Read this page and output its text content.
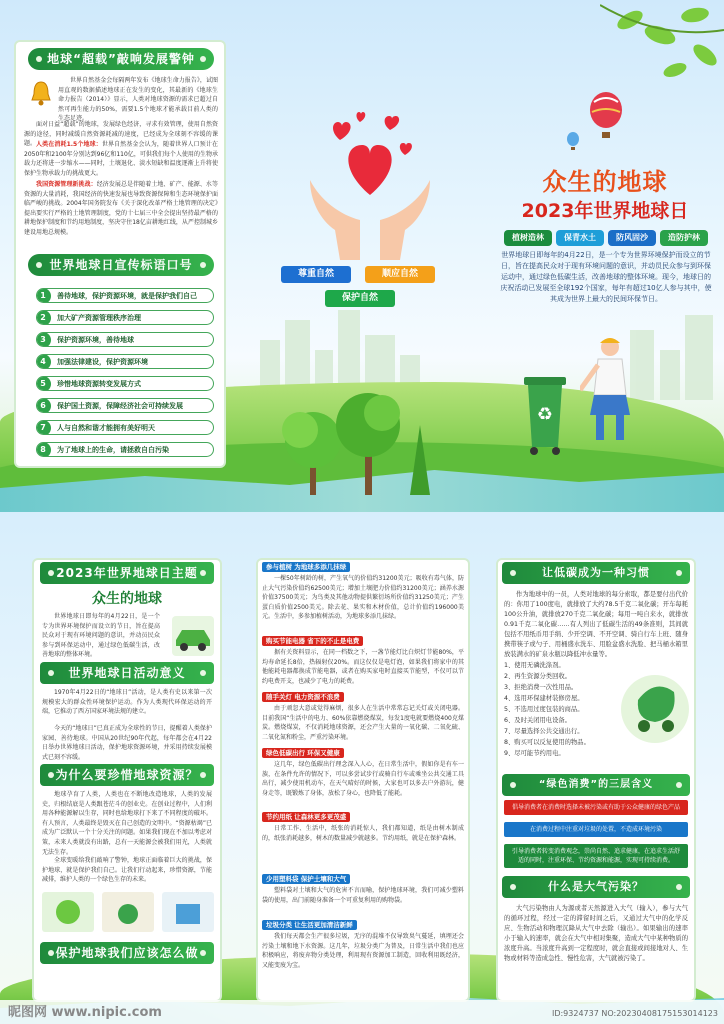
地球“超载”敲响发展警钟
世界自然基金会每隔两年发布《地球生命力报告》，试图用直观的数据描述地球正在发生的变化，其最新的《地球生命力报告（2014）》显示，人类对地球资源的需求已超过自然可再生能力的50%，需要1.5个地球才能承载目前人类的生态足迹。
面对日益“超载”的地球，发展绿色经济，寻求有效管理，使用自然资源的途径，同时减缓自然资源耗减的速度，已经成为全球刻不容缓的课题。 人类在消耗1.5个地球：世界自然基金会认为，随着世界人口预计在2050年和2100年分别达到96亿和110亿，可供我们每个人使用的生物承载力还将进一步缩水——同时，土壤退化、淡水短缺和温度逐渐上升将使保护生物承载力的挑战更大。
我国资源管理新挑战：经济发展总是伴随着土地、矿产、能源、水等资源的大量消耗，我国经济的快速发展也导致资源保障和生态环境保护面临严峻的挑战。2004年国务院发布《关于深化改革严格土地管理的决定》提出要实行严格的土地管理制度，党的十七届三中全会提出坚持最严格的耕地保护制度和节约用地制度，坚决守住18亿亩耕地红线，从严控制城乡建设用地总规模。
世界地球日宣传标语口号
1	善待地球，保护资源环境，就是保护我们自己
2	加大矿产资源管理秩序治理
3	保护资源环境，善待地球
4	加强法律建设，保护资源环境
5	珍惜地球资源转变发展方式
6	保护国土资源，保障经济社会可持续发展
7	人与自然和谐才能拥有美好明天
8	为了地球上的生命，请拯救自白污染
尊重自然	顺应自然
保护自然
众生的地球
2023年世界地球日
植树造林	保青水土	防风固沙	造防护林
世界地球日即每年的4月22日，是一个专为世界环境保护而设立的节日，旨在提高民众对于现有环境问题的意识，并动员民众参与到环保运动中，通过绿色低碳生活，改善地球的整体环境。现今，地球日的庆祝活动已发展至全球192个国家，每年有超过10亿人参与其中，使其成为世界上最大的民间环保节日。
♻
2023年世界地球日主题
众生的地球
世界地球日即每年的4月22日，是一个专为世界环境保护而设立的节日，旨在提高民众对于现有环境问题的意识，并动员民众参与到环保运动中，通过绿色低碳生活，改善地球的整体环境。
世界地球日活动意义
1970年4月22日的“地球日”活动，是人类有史以来第一次规模宏大的群众性环境保护运动。作为人类现代环保运动的开端，它推动了西方国家环境法规的建立。
今天的“地球日”已真正成为全球性的节日，提醒着人类保护家园、善待地球。中国从20世纪90年代起，每年都会在4月22日举办世界地球日活动，保护地球资源环境，并采用持续发展模式已刻不容缓。
为什么要珍惜地球资源？
地球孕育了人类，人类也在不断地改造地球，人类的发展史，归根结底是人类跟苍茫斗的创业史。在创业过程中，人们利用各种能源解以生存，同时也给地球打下来了不同程度的破坏。有人预言，人类最终是毁灭在自己创造的文明中。“资源枯竭”已成为广泛默认一个十分关注的问题。如果我们现在不加以考虑对策，未来人类就没有出路，总有一天能源会被我们用光，人类就无法生存。
全球变暖给我们敲响了警钟，地球正面临着巨大的挑战，保护地球，就是保护我们自己。让我们行动起来，珍惜资源，节能减排，维护人类的一个绿色生存的未来。
保护地球我们应该怎么做
参与植树 为地球多添几抹绿
一棵50年树龄的树，产生氧气的价值约31200美元；吸收有毒气体，防止大气污染价值约62500美元；增加土壤肥力价值约31200美元；涵养水源价值37500美元；为鸟类及其他动物提供繁衍场所价值约31250美元；产生蛋白质价值2500美元。除去花、果实和木材价值，总计价值约196000美元。生活中，多参加植树活动，为地球多添几抹绿。
购买节能电器 省下的不止是电费
据有关资料显示，在同一档数之下，一盏节能灯比白炽灯节能80%，平均寿命延长8倍，热辐射仅20%。而这仅仅是电灯泡，如果我们将家中的其他能耗电器都换成节能电器，或者在购买家电时直接买节能型，不仅可以节约电费开支，也减少了电力的耗费。
随手关灯 电力资源不浪费
由于顽忽大意或觉得麻烦，很多人在生活中常常忘记关灯或关闭电器。目前我国“生活中的电力、60%依靠燃烧煤炭，每发1度电就要燃烧400克煤炭。燃烧煤炭，不仅消耗地球资源，还会产生大量的一氧化碳、二氧化硫、二氧化氮和粉尘，严重污染环境。
绿色低碳出行 环保又健康
这几年，绿色低碳出行理念深入人心，在日常生活中，假如你是有车一族，在条件允许的情况下，可以多尝试步行或骑自行车或乘坐公共交通工具出行，减少使用机动车，在天气晴好的时候，大家也可以多去户外游玩，健身走等，既锻炼了身体，放松了身心，也降低了能耗。
节约用纸 让森林更多更茂盛
日常工作、生活中，纸张的消耗惊人，我们都知道，纸是由树木制成的，纸张消耗越多，树木的数量减少就越多。节约用纸，就是在保护森林。
少用塑料袋 保护土壤和大气
塑料袋对土壤和大气的危害不言而喻，保护地球环境，我们可减少塑料袋的使用，出门前随身准备一个可重复利用的购物袋。
垃圾分类 让生活更加清洁新鲜
我们每天都会生产很多垃圾，无序的混堆不仅导致臭气蔓延，填埋还会污染土壤和地下水资源。这几年，垃圾分类广为普及，日常生活中我们也应积极响应，将废弃物分类处理，利用现有资源加工制造，回收利用既经济，又能变废为宝。
让低碳成为一种习惯
作为地球中的一员，人类对地球的每分索取，都是要付出代价的：你用了100度电，就排放了大约78.5千克二氧化碳；开车每耗100公升油，就排放270千克二氧化碳；每用一吨自来水，就排放0.91千克二氧化碳……有人列出了低碳生活的49条准则，其间就包括不用纸币用手绢、少开空调、不开空调、骑自行车上班、随身携带筷子或勺子、用桶盛水洗车、用脸盆盛水洗脸、把马桶水箱里放装满水的矿泉水瓶以降低冲水量等。
1、使用无磷洗涤剂。
2、再生资源分类回收。
3、拒绝消费一次性用品。
4、选用环保建材装修房屋。
5、不选用过度包装的商品。
6、及时关闭用电设备。
7、尽量选择公共交通出行。
8、购买可以反复使用的物品。
9、尽可能节约用电。
“绿色消费”的三层含义
倡导消费者在消费时选择未被污染或有助于公众健康的绿色产品
在消费过程中注重对垃圾的处置，不造成环境污染
引导消费者转变消费观念，崇尚自然、追求健康，在追求生活舒适的同时，注重环保、节约资源和能源，实现可持续消费。
什么是大气污染？
大气污染物由人为源或者天然源进入大气（输入），参与大气的循环过程，经过一定的滞留时间之后，又通过大气中的化学反应、生物活动和物理沉降从大气中去除（输出）。如果输出的速率小于输入的速率，就会在大气中相对集聚，造成大气中某种物质的浓度升高。当浓度升高到一定程度时，就会直接或间接地对人、生物或材料等造成急性、慢性危害，大气就被污染了。
昵图网 www.nipic.com	ID:9324737 NO:20230408175153014123
